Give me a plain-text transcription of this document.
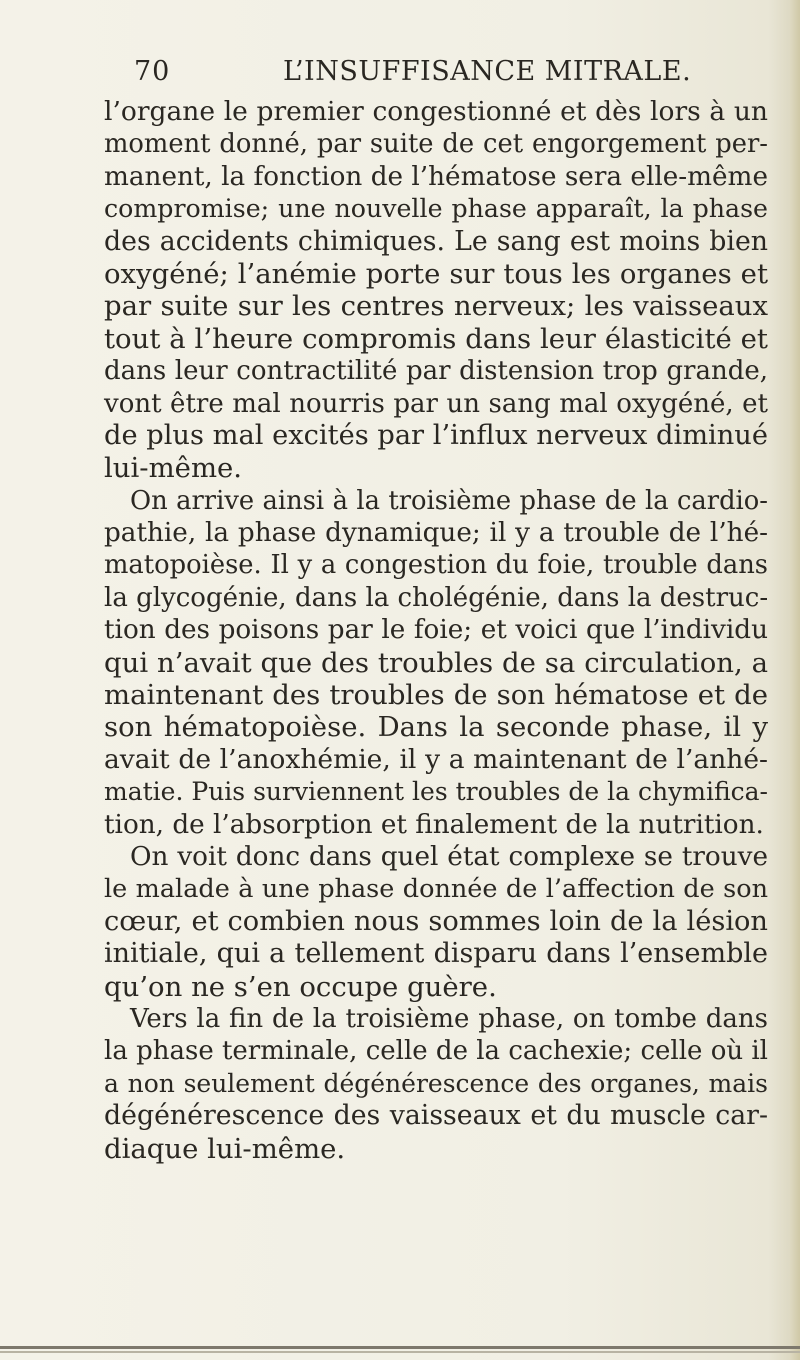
70	L’INSUFFISANCE MITRALE.
l’organe le premier congestionné et dès lors à un
moment donné, par suite de cet engorgement per-
manent, la fonction de l’hématose sera elle-même
compromise; une nouvelle phase apparaît, la phase
des accidents chimiques. Le sang est moins bien
oxygéné; l’anémie porte sur tous les organes et
par suite sur les centres nerveux; les vaisseaux
tout à l’heure compromis dans leur élasticité et
dans leur contractilité par distension trop grande,
vont être mal nourris par un sang mal oxygéné, et
de plus mal excités par l’influx nerveux diminué
lui-même.
On arrive ainsi à la troisième phase de la cardio-
pathie, la phase dynamique; il y a trouble de l’hé-
matopoièse. Il y a congestion du foie, trouble dans
la glycogénie, dans la cholégénie, dans la destruc-
tion des poisons par le foie; et voici que l’individu
qui n’avait que des troubles de sa circulation, a
maintenant des troubles de son hématose et de
son hématopoièse. Dans la seconde phase, il y
avait de l’anoxhémie, il y a maintenant de l’anhé-
matie. Puis surviennent les troubles de la chymifica-
tion, de l’absorption et finalement de la nutrition.
On voit donc dans quel état complexe se trouve
le malade à une phase donnée de l’affection de son
cœur, et combien nous sommes loin de la lésion
initiale, qui a tellement disparu dans l’ensemble
qu’on ne s’en occupe guère.
Vers la fin de la troisième phase, on tombe dans
la phase terminale, celle de la cachexie; celle où il
a non seulement dégénérescence des organes, mais
dégénérescence des vaisseaux et du muscle car-
diaque lui-même.
